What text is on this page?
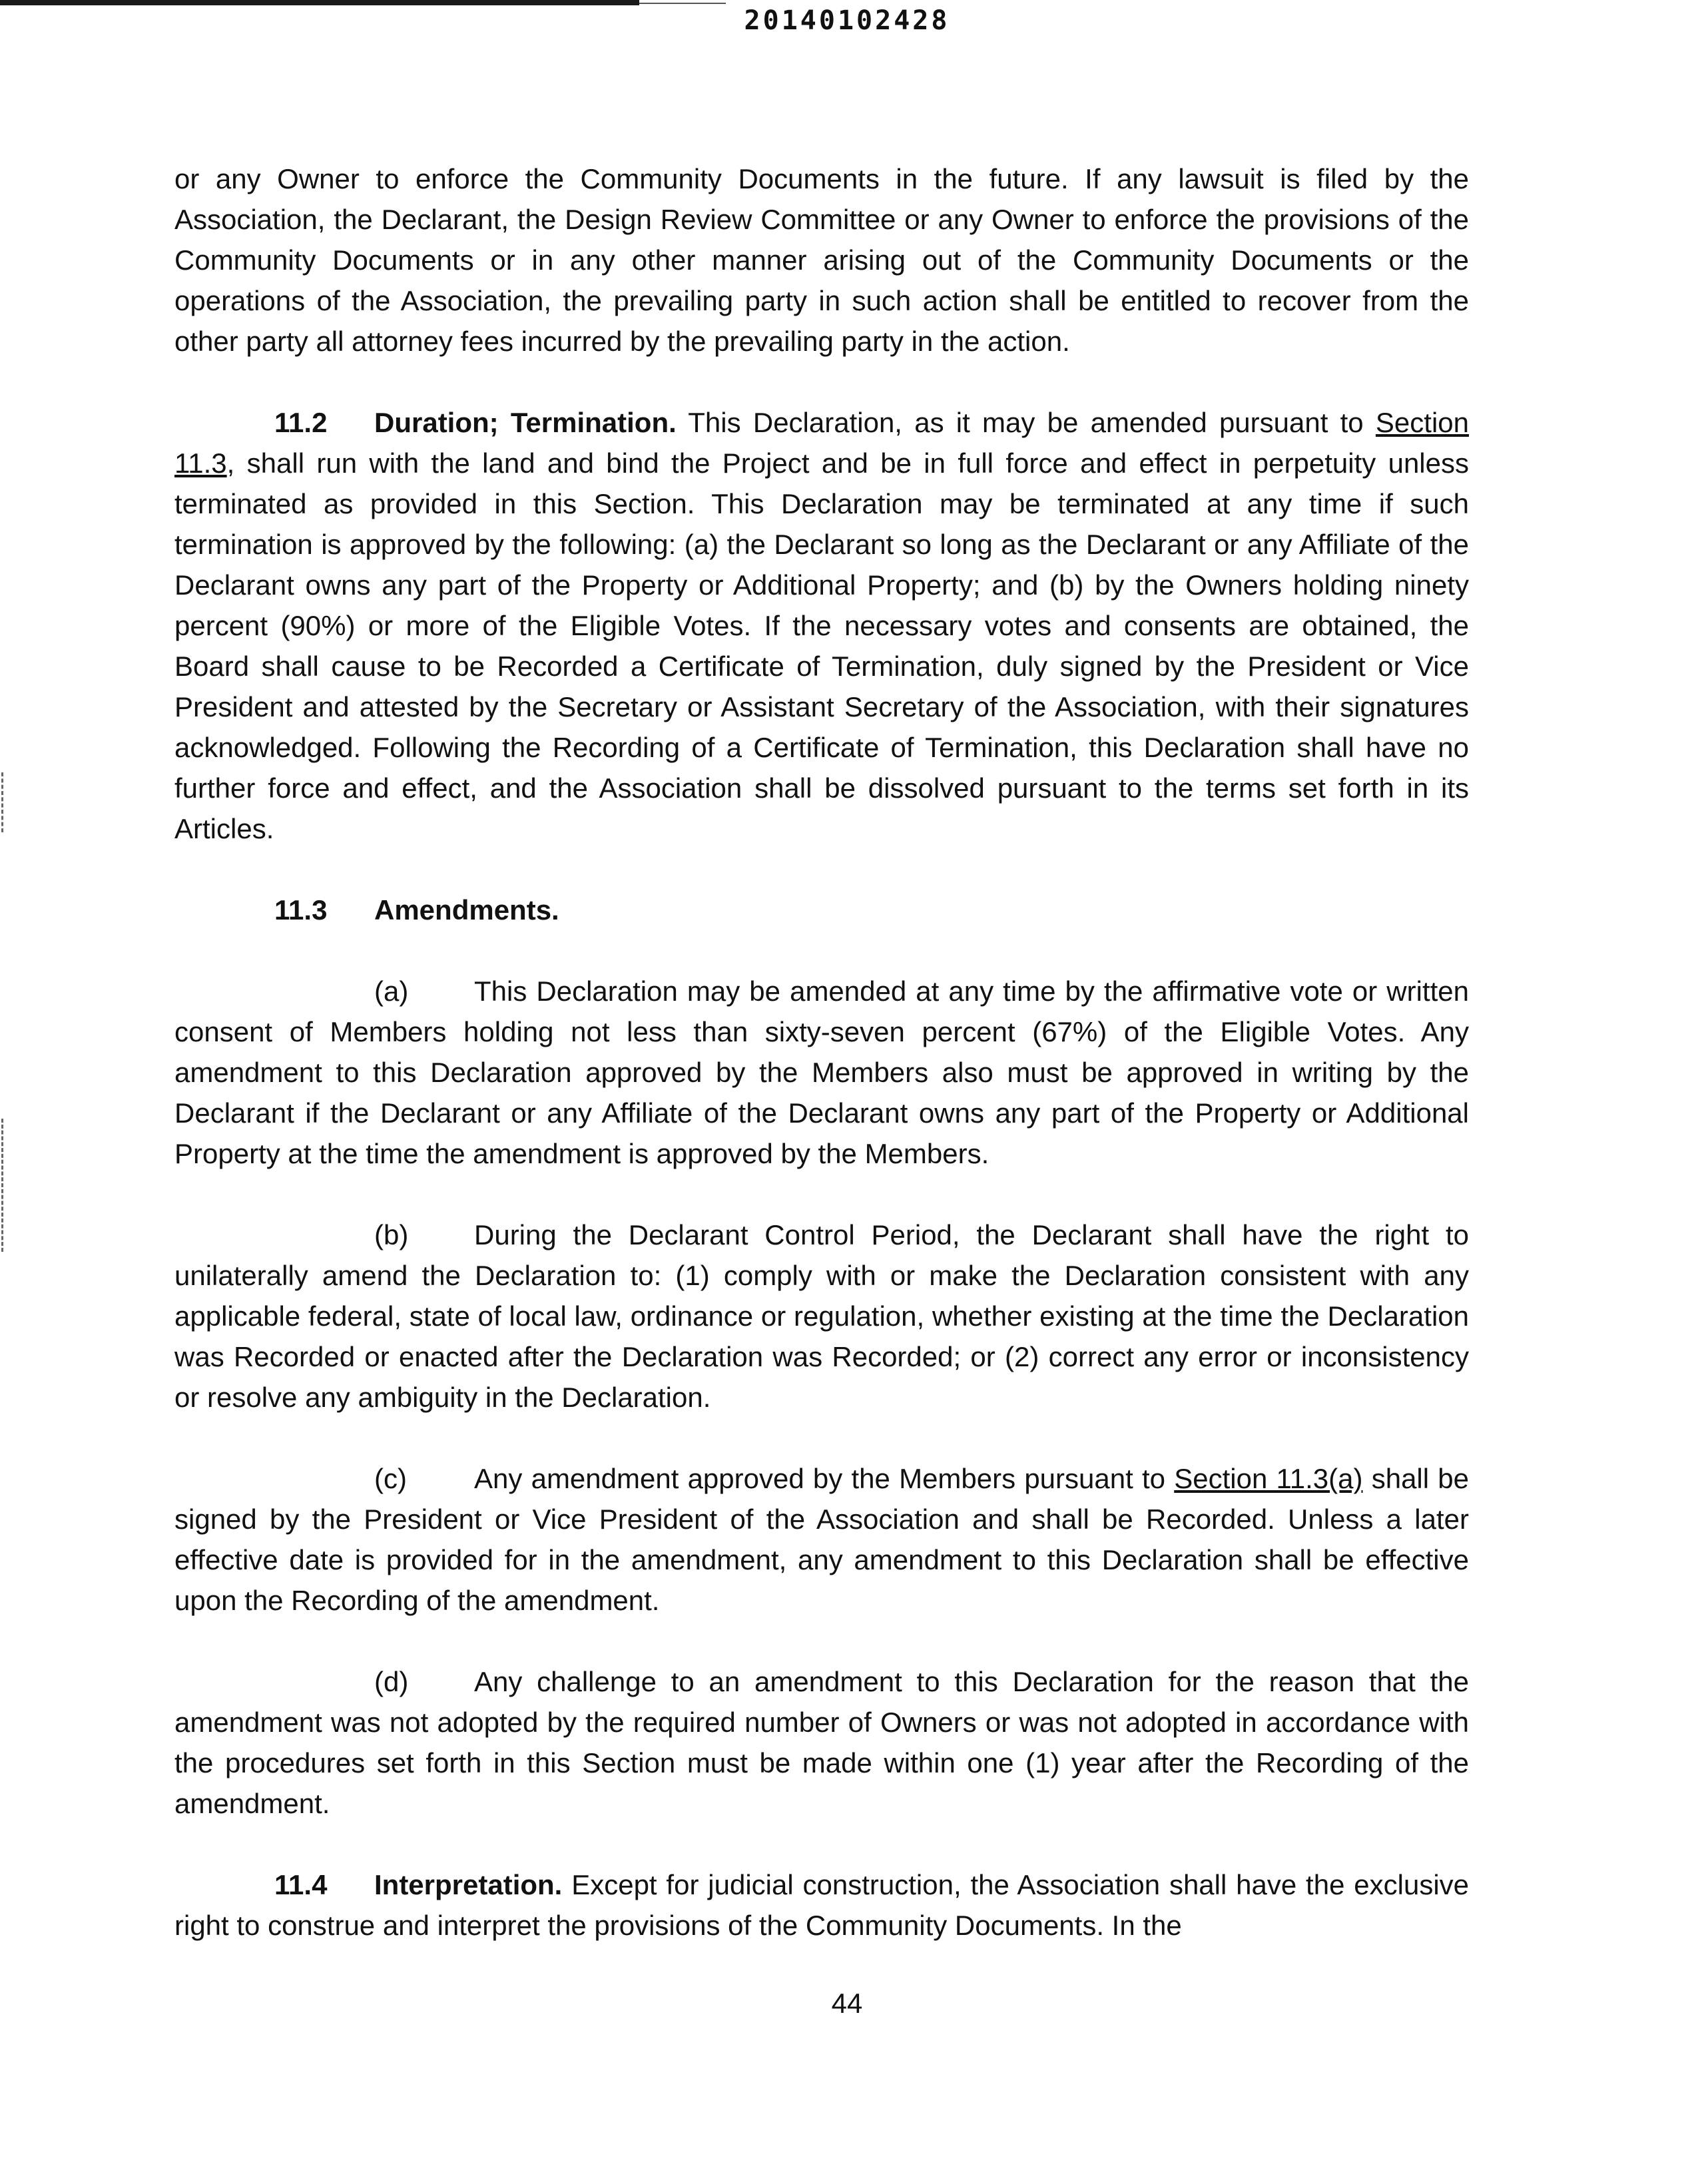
20140102428

or any Owner to enforce the Community Documents in the future. If any lawsuit is filed by the Association, the Declarant, the Design Review Committee or any Owner to enforce the provisions of the Community Documents or in any other manner arising out of the Community Documents or the operations of the Association, the prevailing party in such action shall be entitled to recover from the other party all attorney fees incurred by the prevailing party in the action.

11.2 Duration; Termination. This Declaration, as it may be amended pursuant to Section 11.3, shall run with the land and bind the Project and be in full force and effect in perpetuity unless terminated as provided in this Section. This Declaration may be terminated at any time if such termination is approved by the following: (a) the Declarant so long as the Declarant or any Affiliate of the Declarant owns any part of the Property or Additional Property; and (b) by the Owners holding ninety percent (90%) or more of the Eligible Votes. If the necessary votes and consents are obtained, the Board shall cause to be Recorded a Certificate of Termination, duly signed by the President or Vice President and attested by the Secretary or Assistant Secretary of the Association, with their signatures acknowledged. Following the Recording of a Certificate of Termination, this Declaration shall have no further force and effect, and the Association shall be dissolved pursuant to the terms set forth in its Articles.

11.3 Amendments.

(a) This Declaration may be amended at any time by the affirmative vote or written consent of Members holding not less than sixty-seven percent (67%) of the Eligible Votes. Any amendment to this Declaration approved by the Members also must be approved in writing by the Declarant if the Declarant or any Affiliate of the Declarant owns any part of the Property or Additional Property at the time the amendment is approved by the Members.

(b) During the Declarant Control Period, the Declarant shall have the right to unilaterally amend the Declaration to: (1) comply with or make the Declaration consistent with any applicable federal, state of local law, ordinance or regulation, whether existing at the time the Declaration was Recorded or enacted after the Declaration was Recorded; or (2) correct any error or inconsistency or resolve any ambiguity in the Declaration.

(c) Any amendment approved by the Members pursuant to Section 11.3(a) shall be signed by the President or Vice President of the Association and shall be Recorded. Unless a later effective date is provided for in the amendment, any amendment to this Declaration shall be effective upon the Recording of the amendment.

(d) Any challenge to an amendment to this Declaration for the reason that the amendment was not adopted by the required number of Owners or was not adopted in accordance with the procedures set forth in this Section must be made within one (1) year after the Recording of the amendment.

11.4 Interpretation. Except for judicial construction, the Association shall have the exclusive right to construe and interpret the provisions of the Community Documents. In the

44
